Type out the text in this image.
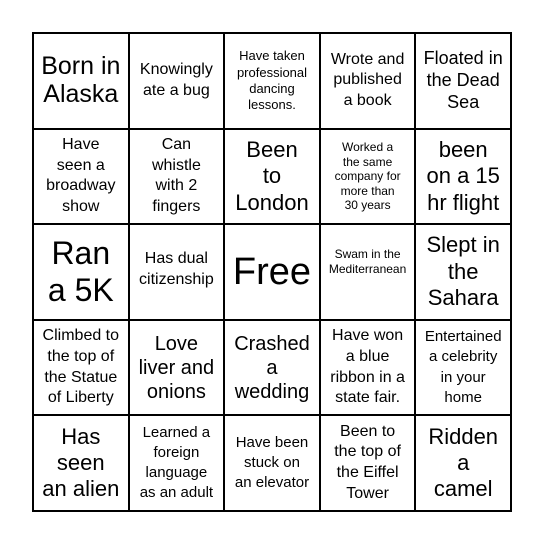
Born in
Alaska
Knowingly
ate a bug
Have taken
professional
dancing
lessons.
Wrote and
published
a book
Floated in
the Dead
Sea
Have
seen a
broadway
show
Can
whistle
with 2
fingers
Been
to
London
Worked a
the same
company for
more than
30 years
been
on a 15
hr flight
Ran
a 5K
Has dual
citizenship Free	Swam in the
Mediterranean
Slept in
the
Sahara
Climbed to
the top of
the Statue
of Liberty
Love
liver and
onions
Crashed
a
wedding
Have won
a blue
ribbon in a
state fair.
Entertained
a celebrity
in your
home
Has
seen
an alien
Learned a
foreign
language
as an adult
Have been
stuck on
an elevator
Been to
the top of
the Eiffel
Tower
Ridden
a
camel
